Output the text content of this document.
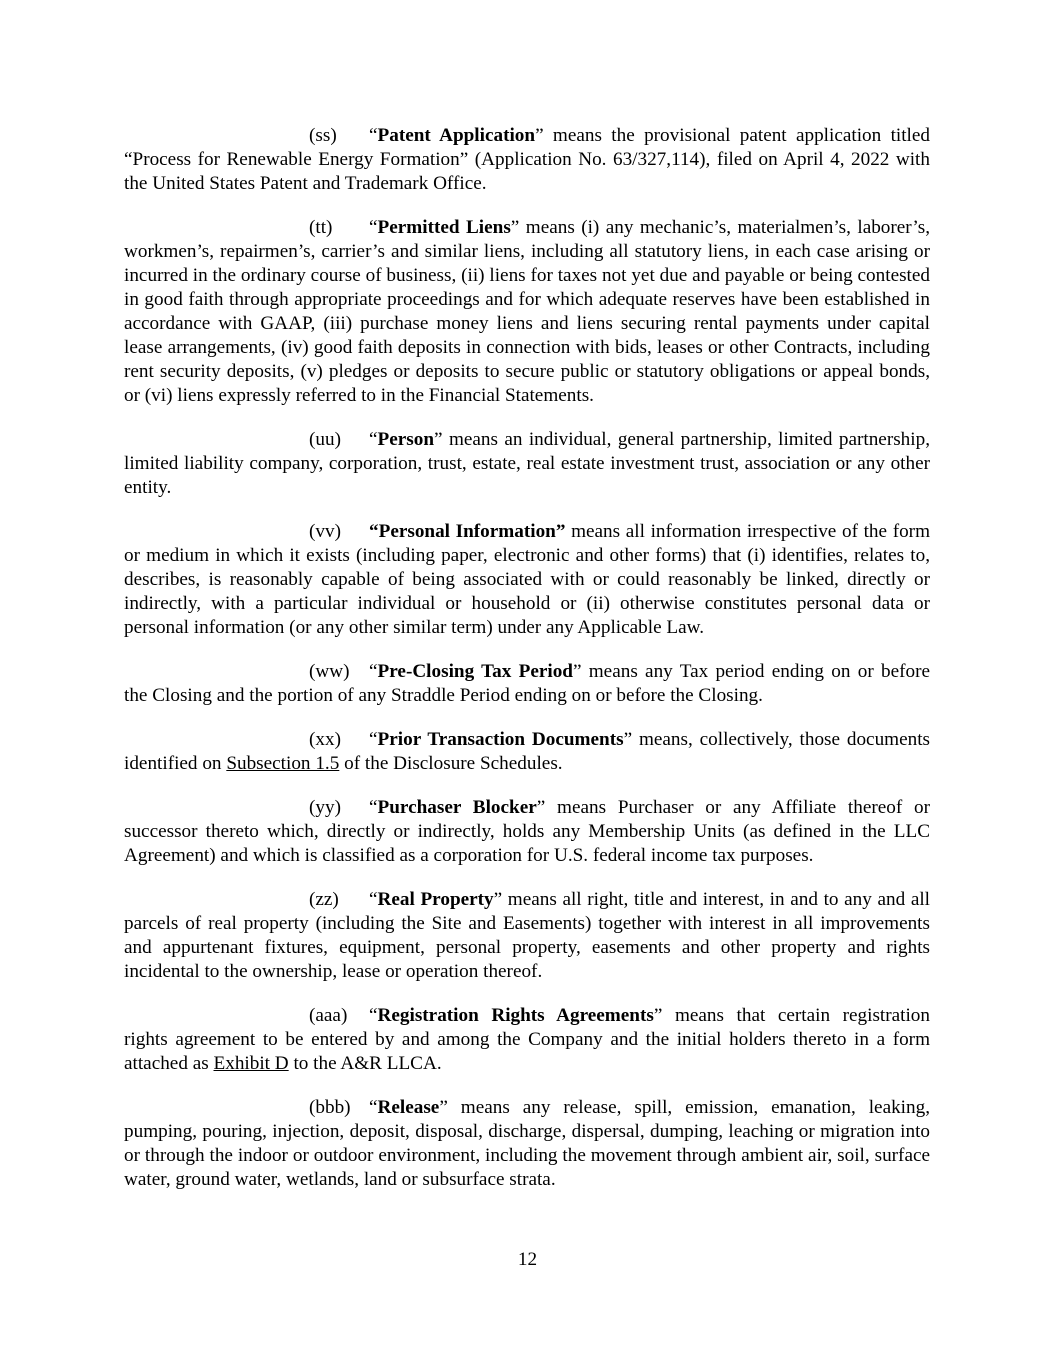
(ss) “Patent Application” means the provisional patent application titled “Process for Renewable Energy Formation” (Application No. 63/327,114), filed on April 4, 2022 with the United States Patent and Trademark Office.

(tt) “Permitted Liens” means (i) any mechanic’s, materialmen’s, laborer’s, workmen’s, repairmen’s, carrier’s and similar liens, including all statutory liens, in each case arising or incurred in the ordinary course of business, (ii) liens for taxes not yet due and payable or being contested in good faith through appropriate proceedings and for which adequate reserves have been established in accordance with GAAP, (iii) purchase money liens and liens securing rental payments under capital lease arrangements, (iv) good faith deposits in connection with bids, leases or other Contracts, including rent security deposits, (v) pledges or deposits to secure public or statutory obligations or appeal bonds, or (vi) liens expressly referred to in the Financial Statements.

(uu) “Person” means an individual, general partnership, limited partnership, limited liability company, corporation, trust, estate, real estate investment trust, association or any other entity.

(vv) “Personal Information” means all information irrespective of the form or medium in which it exists (including paper, electronic and other forms) that (i) identifies, relates to, describes, is reasonably capable of being associated with or could reasonably be linked, directly or indirectly, with a particular individual or household or (ii) otherwise constitutes personal data or personal information (or any other similar term) under any Applicable Law.

(ww) “Pre-Closing Tax Period” means any Tax period ending on or before the Closing and the portion of any Straddle Period ending on or before the Closing.

(xx) “Prior Transaction Documents” means, collectively, those documents identified on Subsection 1.5 of the Disclosure Schedules.

(yy) “Purchaser Blocker” means Purchaser or any Affiliate thereof or successor thereto which, directly or indirectly, holds any Membership Units (as defined in the LLC Agreement) and which is classified as a corporation for U.S. federal income tax purposes.

(zz) “Real Property” means all right, title and interest, in and to any and all parcels of real property (including the Site and Easements) together with interest in all improvements and appurtenant fixtures, equipment, personal property, easements and other property and rights incidental to the ownership, lease or operation thereof.

(aaa) “Registration Rights Agreements” means that certain registration rights agreement to be entered by and among the Company and the initial holders thereto in a form attached as Exhibit D to the A&R LLCA.

(bbb) “Release” means any release, spill, emission, emanation, leaking, pumping, pouring, injection, deposit, disposal, discharge, dispersal, dumping, leaching or migration into or through the indoor or outdoor environment, including the movement through ambient air, soil, surface water, ground water, wetlands, land or subsurface strata.

12
